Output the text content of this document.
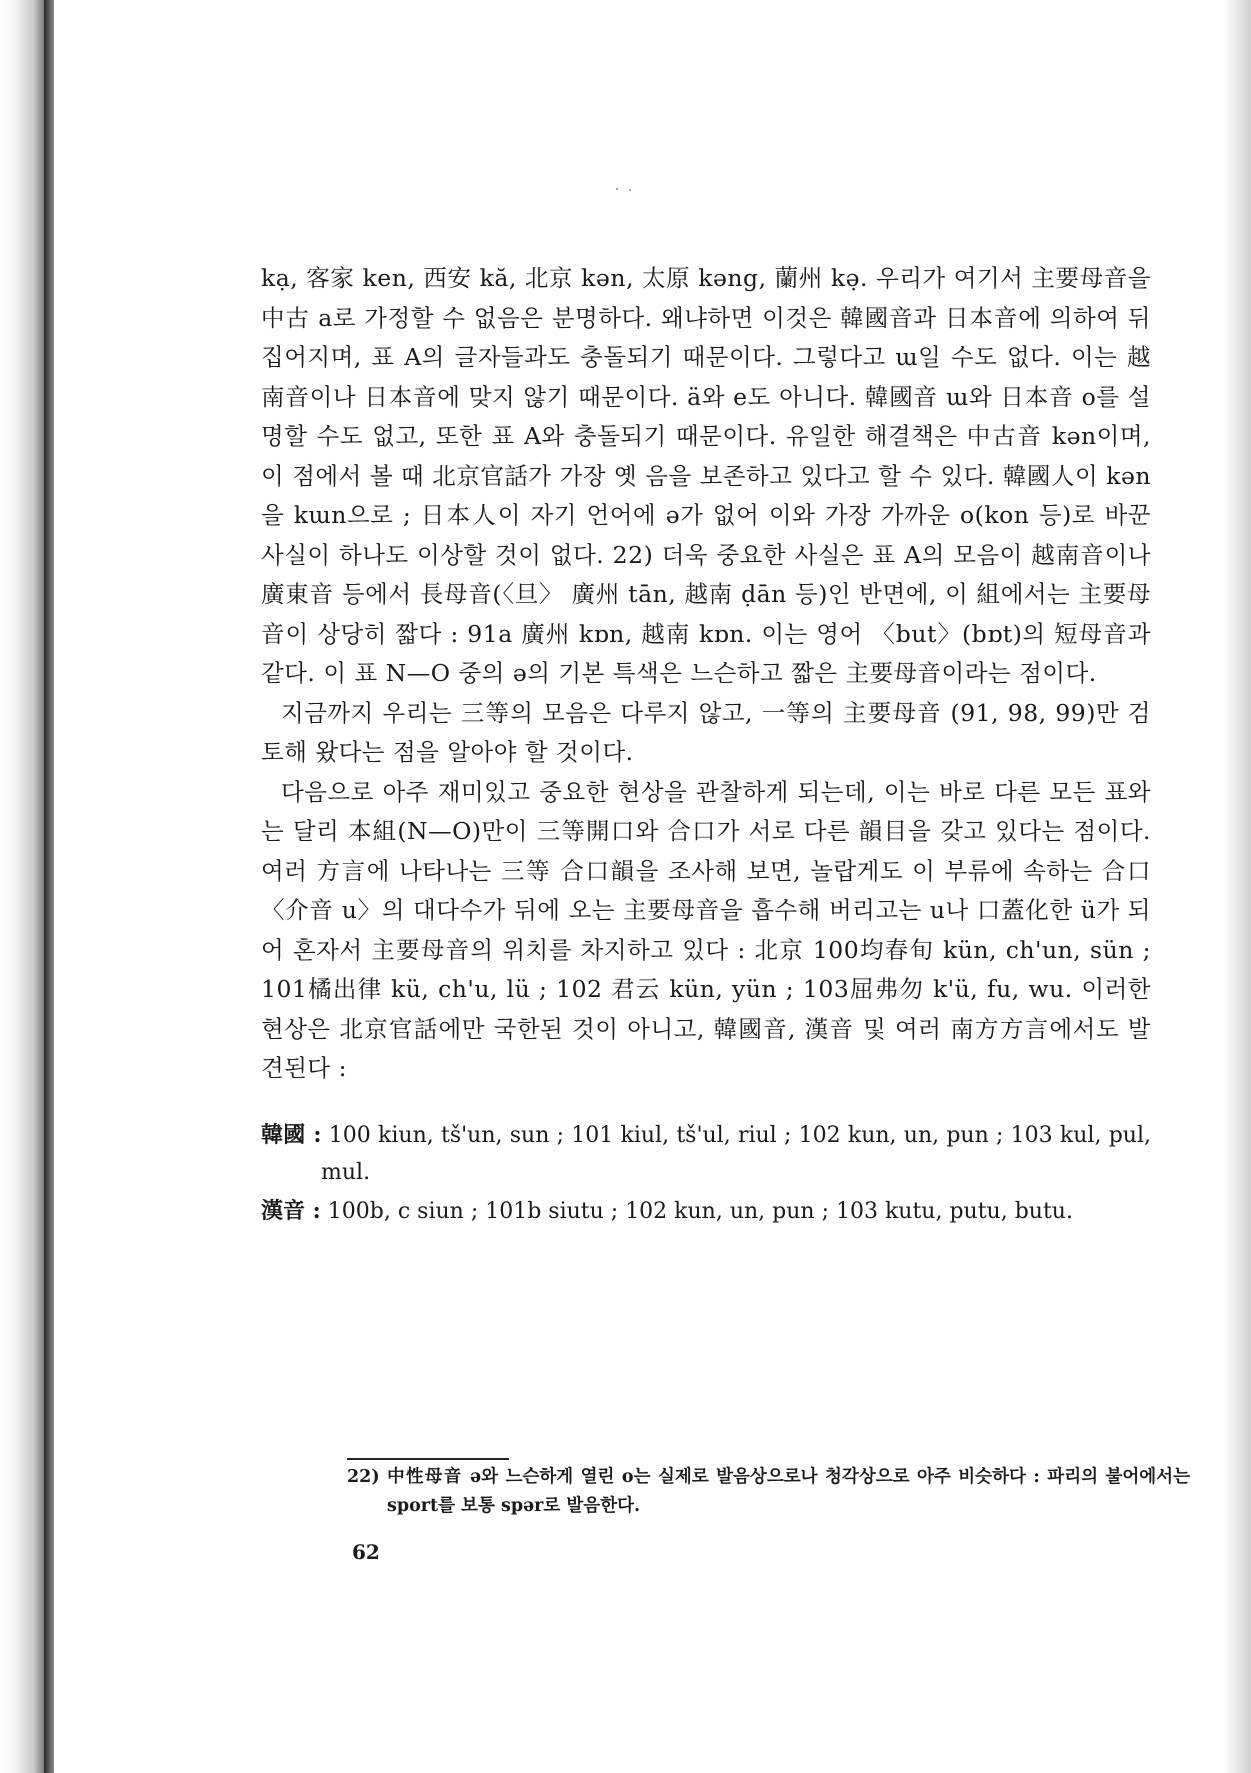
kạ, 客家 ken, 西安 kă, 北京 kən, 太原 kəng, 蘭州 kə̣. 우리가 여기서 主要母音을 中古 a로 가정할 수 없음은 분명하다. 왜냐하면 이것은 韓國音과 日本音에 의하여 뒤집어지며, 표 A의 글자들과도 충돌되기 때문이다. 그렇다고 ɯ일 수도 없다. 이는 越南音이나 日本音에 맞지 않기 때문이다. ä와 e도 아니다. 韓國音 ɯ와 日本音 o를 설명할 수도 없고, 또한 표 A와 충돌되기 때문이다. 유일한 해결책은 中古音 kən이며, 이 점에서 볼 때 北京官話가 가장 옛 음을 보존하고 있다고 할 수 있다. 韓國人이 kən을 kɯn으로 ; 日本人이 자기 언어에 ə가 없어 이와 가장 가까운 o(kon 등)로 바꾼 사실이 하나도 이상할 것이 없다. 22) 더욱 중요한 사실은 표 A의 모음이 越南音이나 廣東音 등에서 長母音(〈旦〉 廣州 tān, 越南 ḍān 등)인 반면에, 이 組에서는 主要母音이 상당히 짧다 : 91a 廣州 kɒn, 越南 kɒn. 이는 영어 〈but〉(bɒt)의 短母音과 같다. 이 표 N—O 중의 ə의 기본 특색은 느슨하고 짧은 主要母音이라는 점이다.

지금까지 우리는 三等의 모음은 다루지 않고, 一等의 主要母音 (91, 98, 99)만 검토해 왔다는 점을 알아야 할 것이다.

다음으로 아주 재미있고 중요한 현상을 관찰하게 되는데, 이는 바로 다른 모든 표와는 달리 本組(N—O)만이 三等開口와 合口가 서로 다른 韻目을 갖고 있다는 점이다. 여러 方言에 나타나는 三等 合口韻을 조사해 보면, 놀랍게도 이 부류에 속하는 合口 〈介音 u〉의 대다수가 뒤에 오는 主要母音을 흡수해 버리고는 u나 口蓋化한 ü가 되어 혼자서 主要母音의 위치를 차지하고 있다 : 北京 100均春旬 kün, ch'un, sün ; 101橘出律 kü, ch'u, lü ; 102 君云 kün, yün ; 103屈弗勿 k'ü, fu, wu. 이러한 현상은 北京官話에만 국한된 것이 아니고, 韓國音, 漢音 및 여러 南方方言에서도 발견된다 :

韓國 : 100 kiun, tš'un, sun ; 101 kiul, tš'ul, riul ; 102 kun, un, pun ; 103 kul, pul, mul.

漢音 : 100b, c siun ; 101b siutu ; 102 kun, un, pun ; 103 kutu, putu, butu.

22) 中性母音 ə와 느슨하게 열린 o는 실제로 발음상으로나 청각상으로 아주 비슷하다 : 파리의 불어에서는 sport를 보통 spər로 발음한다.

62
